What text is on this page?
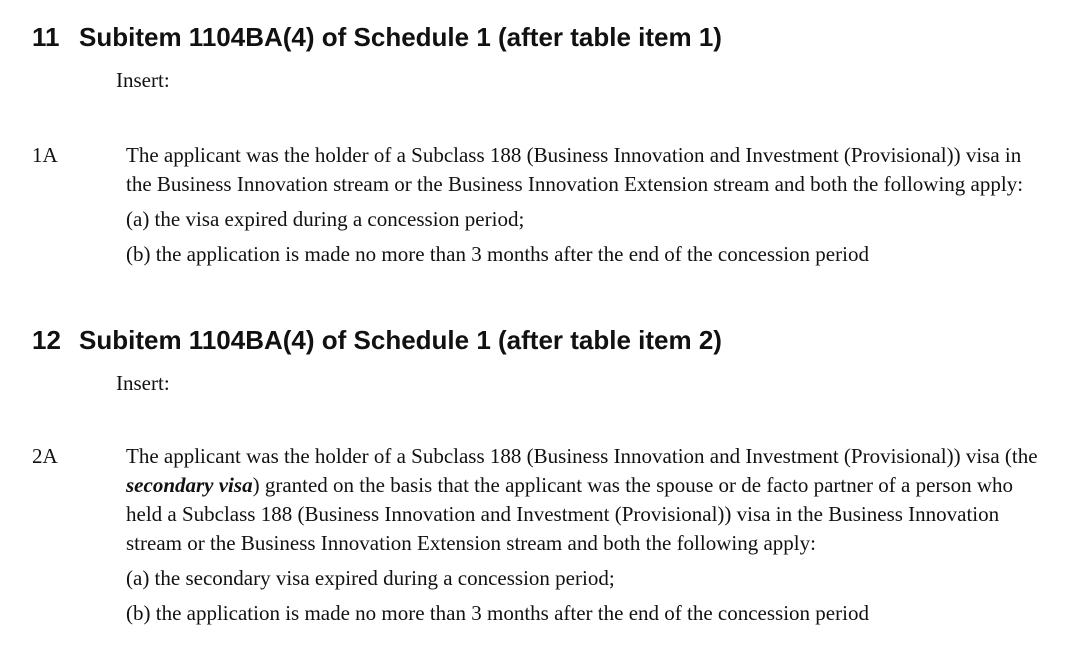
11 Subitem 1104BA(4) of Schedule 1 (after table item 1)
Insert:
1A	The applicant was the holder of a Subclass 188 (Business Innovation and Investment (Provisional)) visa in the Business Innovation stream or the Business Innovation Extension stream and both the following apply:

(a) the visa expired during a concession period;

(b) the application is made no more than 3 months after the end of the concession period

12 Subitem 1104BA(4) of Schedule 1 (after table item 2)
Insert:
2A	The applicant was the holder of a Subclass 188 (Business Innovation and Investment (Provisional)) visa (the secondary visa) granted on the basis that the applicant was the spouse or de facto partner of a person who held a Subclass 188 (Business Innovation and Investment (Provisional)) visa in the Business Innovation stream or the Business Innovation Extension stream and both the following apply:

(a) the secondary visa expired during a concession period;

(b) the application is made no more than 3 months after the end of the concession period
